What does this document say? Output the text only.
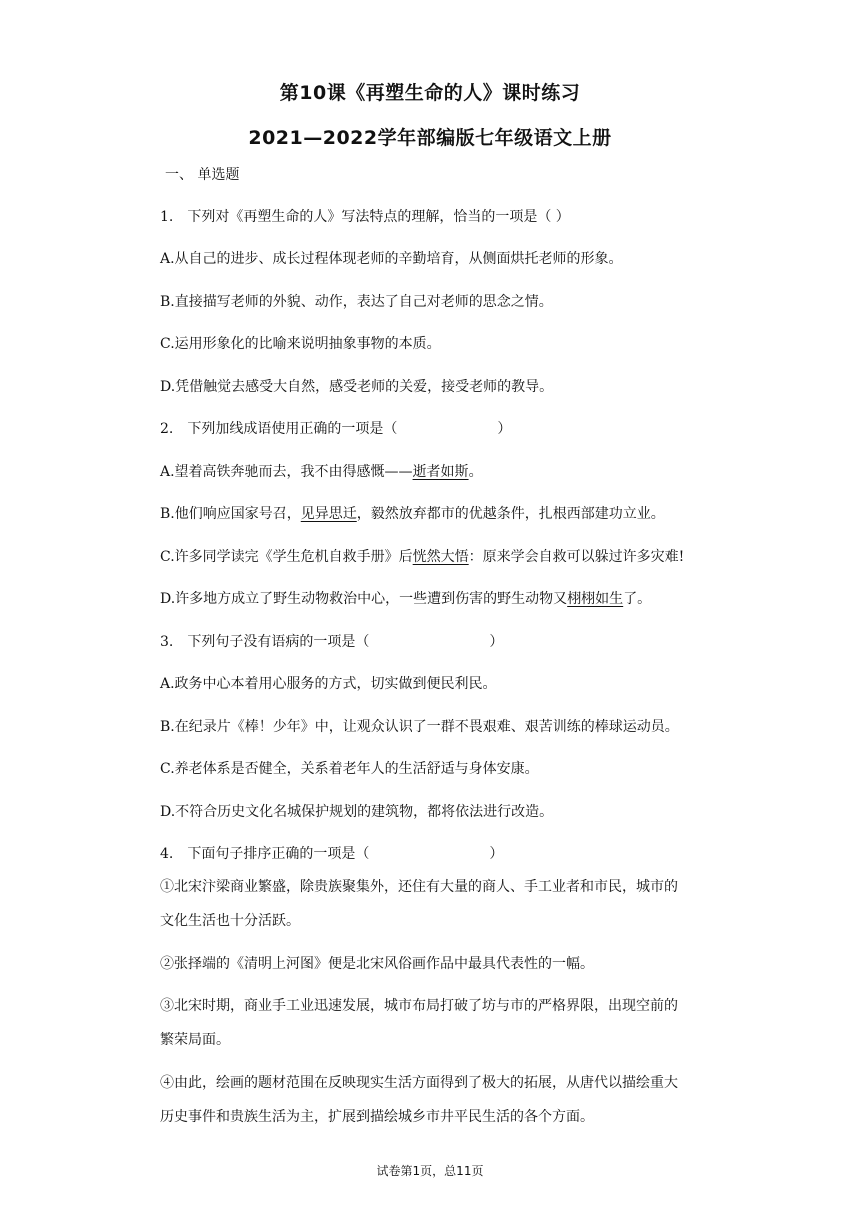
第10课《再塑生命的人》课时练习
2021—2022学年部编版七年级语文上册
一、 单选题
1.　下列对《再塑生命的人》写法特点的理解，恰当的一项是（ ）
A.从自己的进步、成长过程体现老师的辛勤培育，从侧面烘托老师的形象。
B.直接描写老师的外貌、动作，表达了自己对老师的思念之情。
C.运用形象化的比喻来说明抽象事物的本质。
D.凭借触觉去感受大自然，感受老师的关爱，接受老师的教导。
2.　下列加线成语使用正确的一项是（	）
A.望着高铁奔驰而去，我不由得感慨——逝者如斯。
B.他们响应国家号召，见异思迁，毅然放弃都市的优越条件，扎根西部建功立业。
C.许多同学读完《学生危机自救手册》后恍然大悟：原来学会自救可以躲过许多灾难!
D.许多地方成立了野生动物救治中心，一些遭到伤害的野生动物又栩栩如生了。
3.　下列句子没有语病的一项是（	）
A.政务中心本着用心服务的方式，切实做到便民利民。
B.在纪录片《棒！少年》中，让观众认识了一群不畏艰难、艰苦训练的棒球运动员。
C.养老体系是否健全，关系着老年人的生活舒适与身体安康。
D.不符合历史文化名城保护规划的建筑物，都将依法进行改造。
4.　下面句子排序正确的一项是（	）
①北宋汴梁商业繁盛，除贵族聚集外，还住有大量的商人、手工业者和市民，城市的
文化生活也十分活跃。
②张择端的《清明上河图》便是北宋风俗画作品中最具代表性的一幅。
③北宋时期，商业手工业迅速发展，城市布局打破了坊与市的严格界限，出现空前的
繁荣局面。
④由此，绘画的题材范围在反映现实生活方面得到了极大的拓展，从唐代以描绘重大
历史事件和贵族生活为主，扩展到描绘城乡市井平民生活的各个方面。
试卷第1页，总11页
